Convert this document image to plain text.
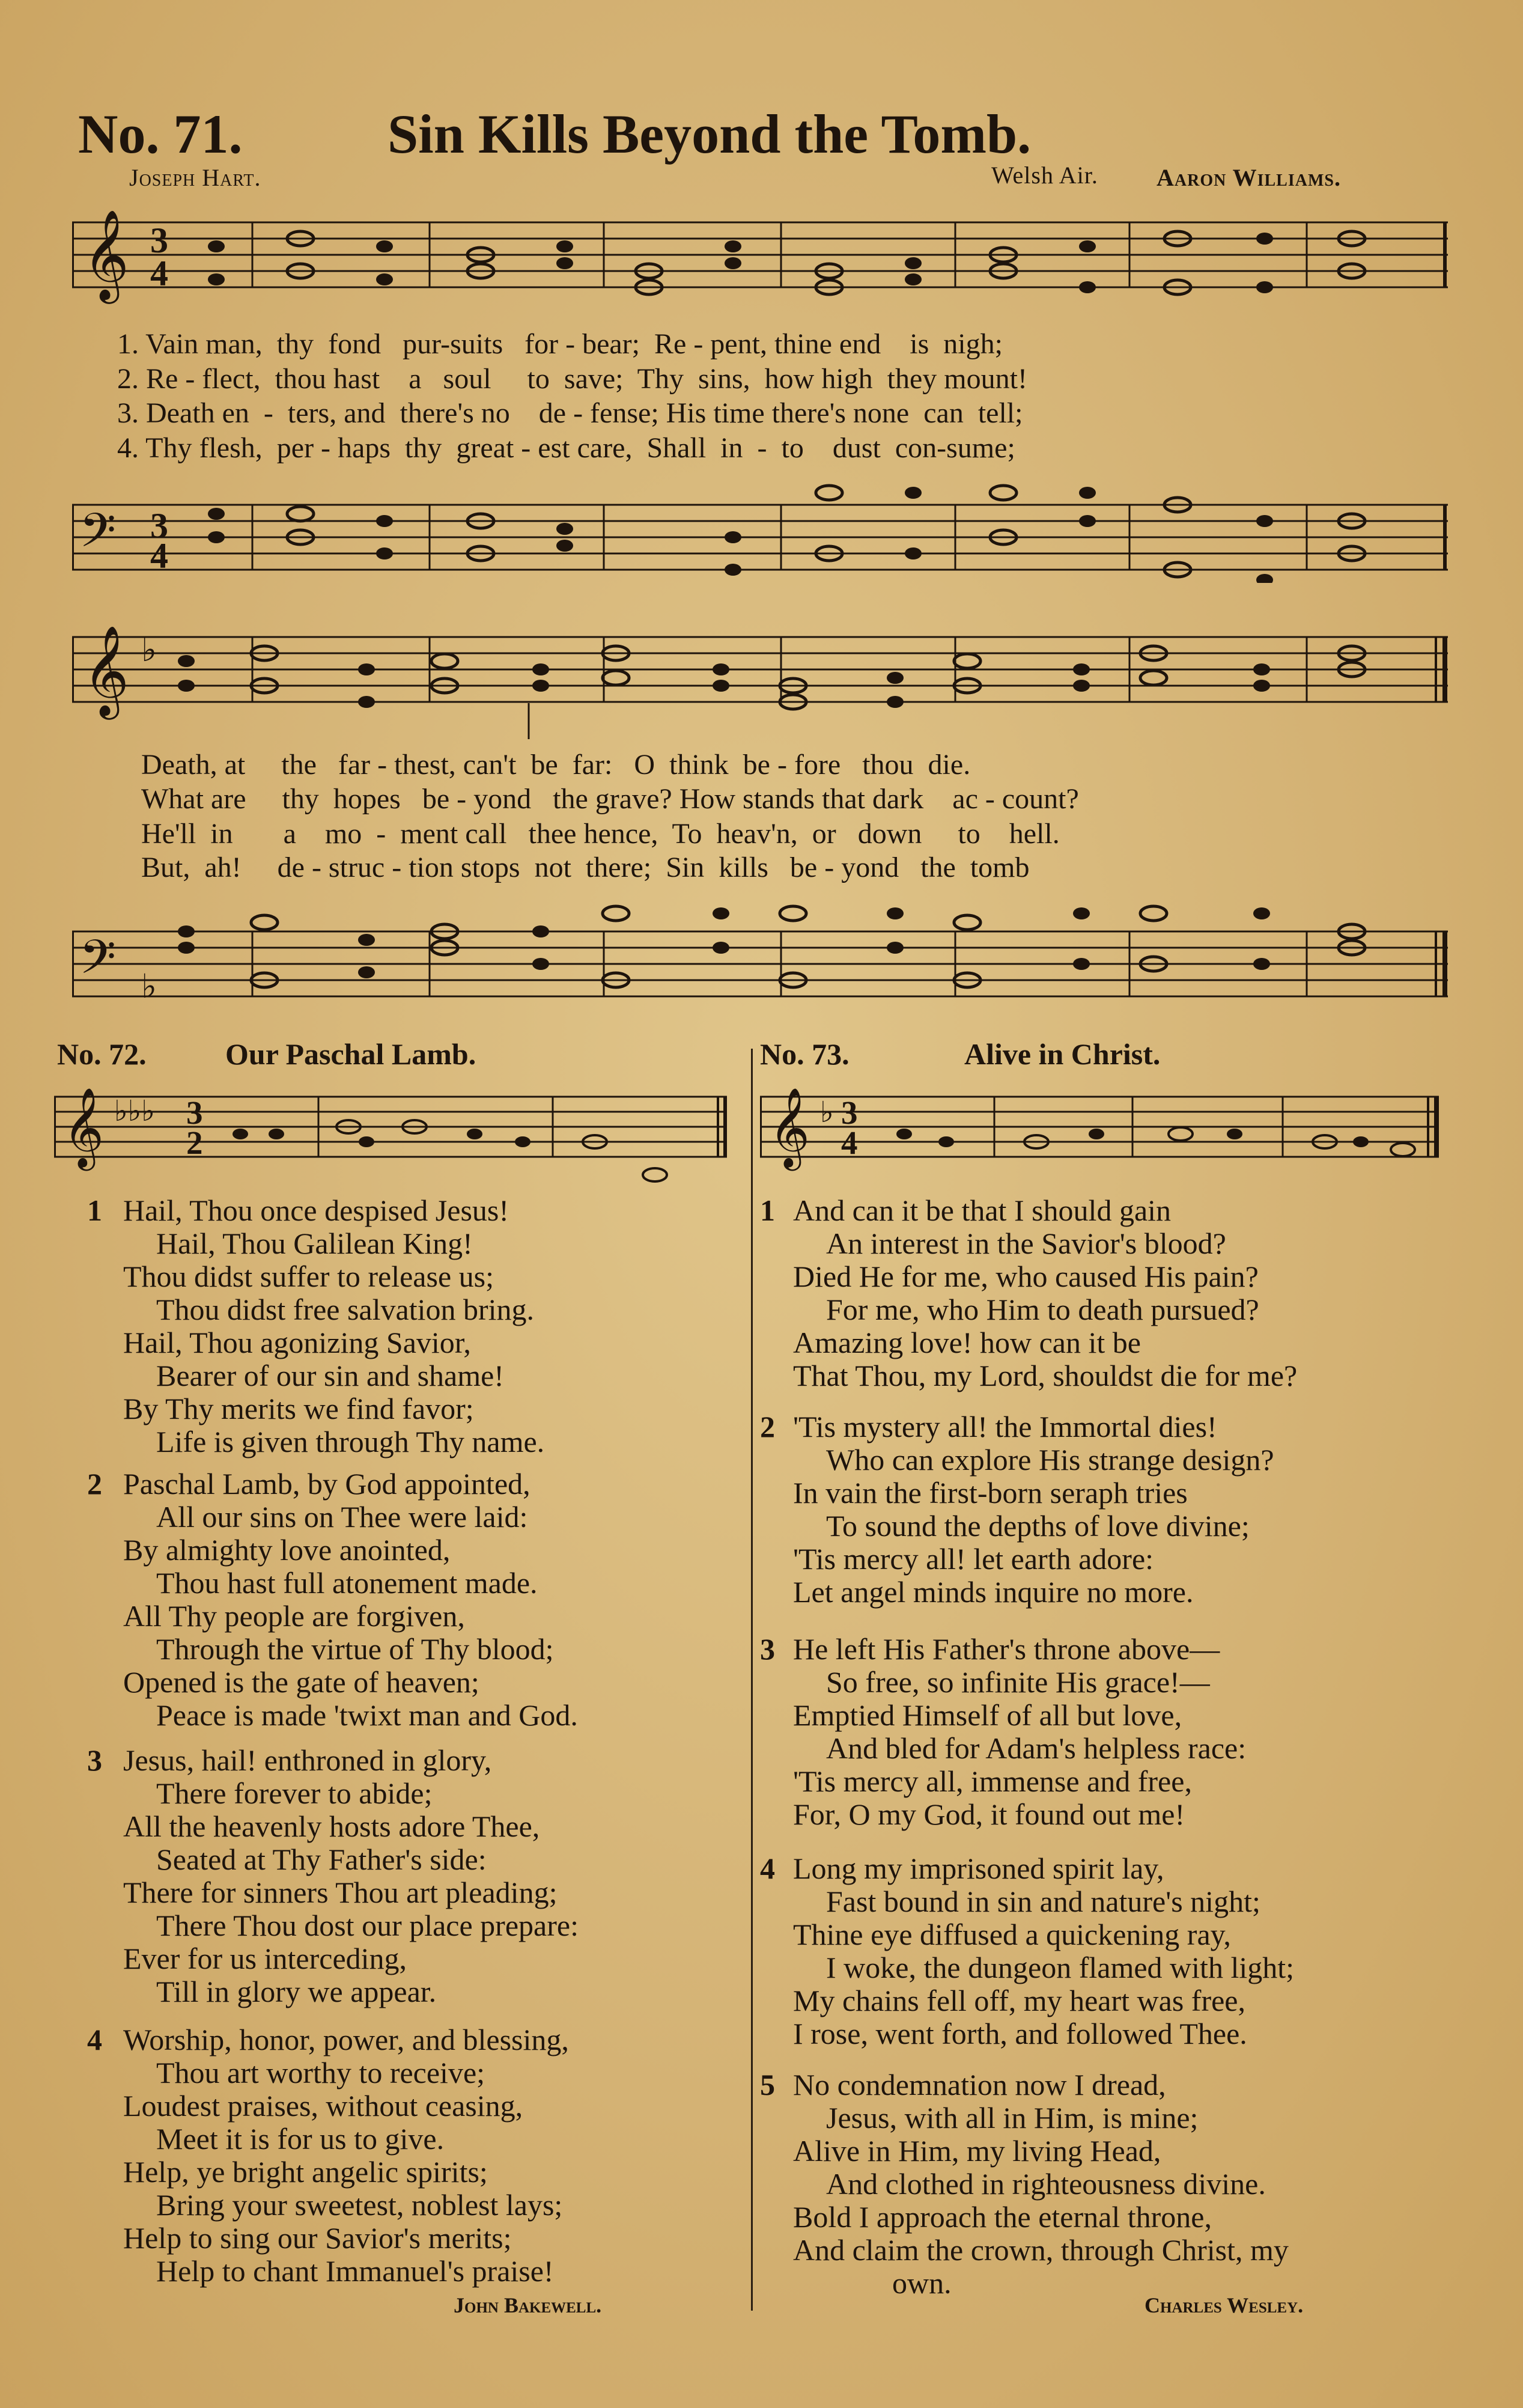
No. 71.	Sin Kills Beyond the Tomb.
Joseph Hart.	Welsh Air. Aaron Williams.
𝄞 3
4
1. Vain man,  thy  fond   pur-suits   for - bear;  Re - pent, thine end    is  nigh;
2. Re - flect,  thou hast    a   soul     to  save;  Thy  sins,  how high  they mount!
3. Death en  -  ters, and  there's no    de - fense; His time there's none  can  tell;
4. Thy flesh,  per - haps  thy  great - est care,  Shall  in  -  to    dust  con-sume;
𝄢 3
4
𝄞 ♭
Death, at     the   far - thest, can't  be  far:   O  think  be - fore   thou  die.
What are     thy  hopes   be - yond   the grave? How stands that dark    ac - count?
He'll  in       a    mo  -  ment call   thee hence,  To  heav'n,  or   down     to    hell.
But,  ah!     de - struc - tion stops  not  there;  Sin  kills   be - yond   the  tomb
𝄢 ♭
No. 72.	Our Paschal Lamb.
𝄞 ♭♭♭ 3
2
1 Hail, Thou once despised Jesus!
Hail, Thou Galilean King!
Thou didst suffer to release us;
Thou didst free salvation bring.
Hail, Thou agonizing Savior,
Bearer of our sin and shame!
By Thy merits we find favor;
Life is given through Thy name.
2 Paschal Lamb, by God appointed,
All our sins on Thee were laid:
By almighty love anointed,
Thou hast full atonement made.
All Thy people are forgiven,
Through the virtue of Thy blood;
Opened is the gate of heaven;
Peace is made 'twixt man and God.
3 Jesus, hail! enthroned in glory,
There forever to abide;
All the heavenly hosts adore Thee,
Seated at Thy Father's side:
There for sinners Thou art pleading;
There Thou dost our place prepare:
Ever for us interceding,
Till in glory we appear.
4 Worship, honor, power, and blessing,
Thou art worthy to receive;
Loudest praises, without ceasing,
Meet it is for us to give.
Help, ye bright angelic spirits;
Bring your sweetest, noblest lays;
Help to sing our Savior's merits;
Help to chant Immanuel's praise!
John Bakewell.
No. 73.	Alive in Christ.
𝄞 ♭ 3
4
1 And can it be that I should gain
An interest in the Savior's blood?
Died He for me, who caused His pain?
For me, who Him to death pursued?
Amazing love! how can it be
That Thou, my Lord, shouldst die for me?
2 'Tis mystery all! the Immortal dies!
Who can explore His strange design?
In vain the first-born seraph tries
To sound the depths of love divine;
'Tis mercy all! let earth adore:
Let angel minds inquire no more.
3 He left His Father's throne above—
So free, so infinite His grace!—
Emptied Himself of all but love,
And bled for Adam's helpless race:
'Tis mercy all, immense and free,
For, O my God, it found out me!
4 Long my imprisoned spirit lay,
Fast bound in sin and nature's night;
Thine eye diffused a quickening ray,
I woke, the dungeon flamed with light;
My chains fell off, my heart was free,
I rose, went forth, and followed Thee.
5 No condemnation now I dread,
Jesus, with all in Him, is mine;
Alive in Him, my living Head,
And clothed in righteousness divine.
Bold I approach the eternal throne,
And claim the crown, through Christ, my
own.
Charles Wesley.
